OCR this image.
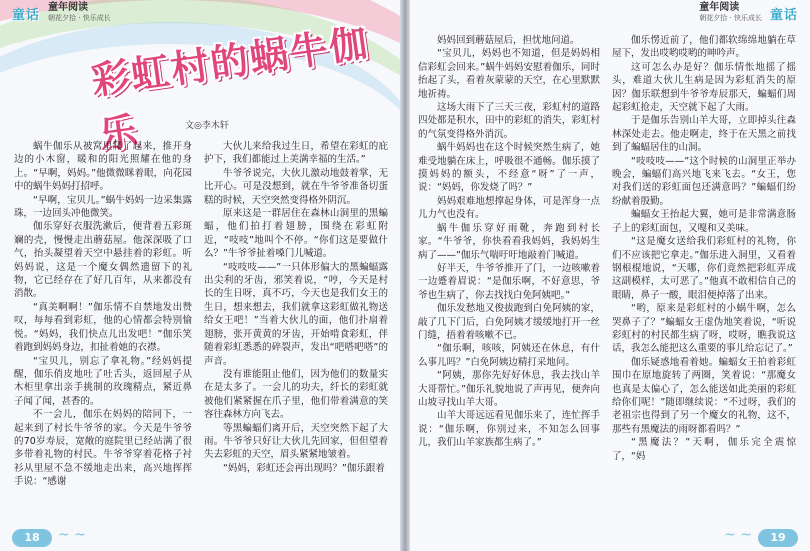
童话 童年阅读
朝花夕拾 · 快乐成长
彩虹村的蜗牛伽乐	文◎李木轩

蜗牛伽乐从被窝里爬了起来，推开身边的小木窗，暖和的阳光照耀在他的身上。“早啊，妈妈。”他微微眯着眼，向花园中的蜗牛妈妈打招呼。

“早啊，宝贝儿。”蜗牛妈妈一边采集露珠，一边回头冲他微笑。

伽乐穿好衣服洗漱后，便背着五彩斑斓的壳，慢慢走出蘑菇屋。他深深吸了口气，抬头凝望着天空中悬挂着的彩虹。听妈妈说，这是一个魔女偶然遗留下的礼物，它已经存在了好几百年，从来都没有消散。

“真美啊啊！”伽乐情不自禁地发出赞叹，每每看到彩虹，他的心情都会特别愉悦。“妈妈，我们快点儿出发吧！”伽乐笑着跑到妈妈身边，扣扯着她的衣襟。

“宝贝儿，别忘了拿礼物。”经妈妈提醒，伽乐俏皮地吐了吐舌头，返回屋子从木柜里拿出亲手挑制的玫瑰精点，紧近鼻子闻了闻，甚香的。

不一会儿，伽乐在妈妈的陪同下，一起来到了村长牛爷爷的家。今天是牛爷爷的70岁寿辰，宽敞的庭院里已经站满了很多带着礼物的村民。牛爷爷穿着花格子衬衫从里屋不急不缓地走出来，高兴地挥挥手说：“感谢

大伙儿来给我过生日，希望在彩虹的庇护下，我们都能过上美满幸福的生活。”

牛爷爷说完，大伙儿激动地鼓着掌，无比开心。可是没想到，就在牛爷爷准备切蛋糕的时候，天空突然变得格外阴沉。

原来这是一群居住在森林山洞里的黑蝙蝠，他们拍打着翅膀，围绕在彩虹附近，“吱吱”地叫个不停。“你们这是要做什么？”牛爷爷扯着嗓门儿喊道。

“吱吱吱——”一只体形偏大的黑蝙蝠露出尖利的牙齿，邪笑着说，“哼，今天是村长的生日呀，真不巧，今天也是我们女王的生日，想来想去，我们就拿这彩虹做礼物送给女王吧！”当着大伙儿的面，他们扑扇着翅膀，张开黄黄的牙齿，开始啃食彩虹，伴随着彩虹悉悉的碎裂声，发出“吧嗒吧嗒”的声音。

没有谁能阻止他们，因为他们的数量实在是太多了。一会儿的功夫，纤长的彩虹就被他们紧紧握在爪子里，他们带着满意的笑容往森林方向飞去。

等黑蝙蝠们离开后，天空突然下起了大雨。牛爷爷只好让大伙儿先回家，但但望着失去彩虹的天空，眉头紧紧地皱着。

“妈妈，彩虹还会再出现吗？”伽乐跟着

18	~ ~
童年阅读
朝花夕拾 · 快乐成长 童话

妈妈回到蘑菇屋后，担忧地问道。

“宝贝儿，妈妈也不知道，但是妈妈相信彩虹会回来。”蜗牛妈妈安慰着伽乐，同时抬起了头，看着灰蒙蒙的天空，在心里默默地祈祷。

这场大雨下了三天三夜，彩虹村的道路四处都是积水，田中的彩虹的消失，彩虹村的气氛变得格外消沉。

蜗牛妈妈也在这个时候突然生病了，她难受地躺在床上，呼吸很不通畅。伽乐摸了摸妈妈的额头，不经意“呀”了一声，说：“妈妈，你发烧了吗？”

妈妈艰难地想撑起身体，可是浑身一点儿力气也没有。

蜗牛伽乐穿好雨靴，奔跑到村长家。“牛爷爷，你快看看我妈妈，我妈妈生病了——”伽乐气喘吁吁地敲着门喊道。

好半天，牛爷爷推开了门，一边咳嗽着一边蹙着眉说：“是伽乐啊，不好意思，爷爷也生病了，你去找找白免阿姨吧。”

伽乐发愁地又俊拔跑到白免阿姨的家，敲了几下门后，白免阿姨才缓缓地打开一丝门缝，捂着着咳嗽不已。

“伽乐啊，咳咳，阿姨还在休息，有什么事儿吗？”白免阿姨边精打采地问。

“阿姨，那你先好好休息，我去找山羊大哥帮忙。”伽乐礼貌地说了声再见，便奔向山坡寻找山羊大哥。

山羊大哥远远看见伽乐来了，连忙挥手说：“伽乐啊，你别过来，不知怎么回事儿，我们山羊家族都生病了。”

伽乐愣近前了，他们都软绵绵地躺在草屋下，发出哎哟哎哟的呻吟声。

这可怎么办是好？伽乐情怅地摇了摇头，难道大伙儿生病是因为彩虹消失的原因？伽乐联想到牛爷爷寿辰那天，蝙蝠们周起彩虹抢走，天空就下起了大雨。

于是伽乐告别山羊大哥，立即掉头往森林深处走去。他走啊走，终于在天黑之前找到了蝙蝠居住的山洞。

“吱吱吱——”这个时候的山洞里正举办晚会，蝙蝠们高兴地飞来飞去。“女王，您对我们送的彩虹面包还满意吗？”蝙蝠们纷纷献着殷勤。

蝙蝠女王抬起大翼，她可是非常满意肠子上的彩虹面包，又嘎和又美味。

“这是魔女送给我们彩虹村的礼物，你们不应该把它拿走。”伽乐进入洞里，又看着钢根棍地说，“天哪，你们竟然把彩虹弄成这副模样，太可恶了。”他真不敢相信自己的眼睛，鼻子一酸，眼泪便掉落了出来。

“哟，原来是彩虹村的小蜗牛啊，怎么哭鼻子了？”蝙蝠女王虚伪地笑着说，“听说彩虹村的村民都生病了呀，哎呀，瞧我说这话，我怎么能把这么重要的事儿给忘记了。”

伽乐疑惑地看着她。蝙蝠女王拍着彩虹围巾在原地旋转了两圈，笑着说：“那魔女也真是太偏心了，怎么能送如此美丽的彩虹给你们呢！”随即继续说：“不过呀，我们的老祖宗也得到了另一个魔女的礼物，这不，那些有黑魔法的雨呀都看吗？”

“黑魔法？”天啊，伽乐完全震惊了，“妈

~ ~	19
